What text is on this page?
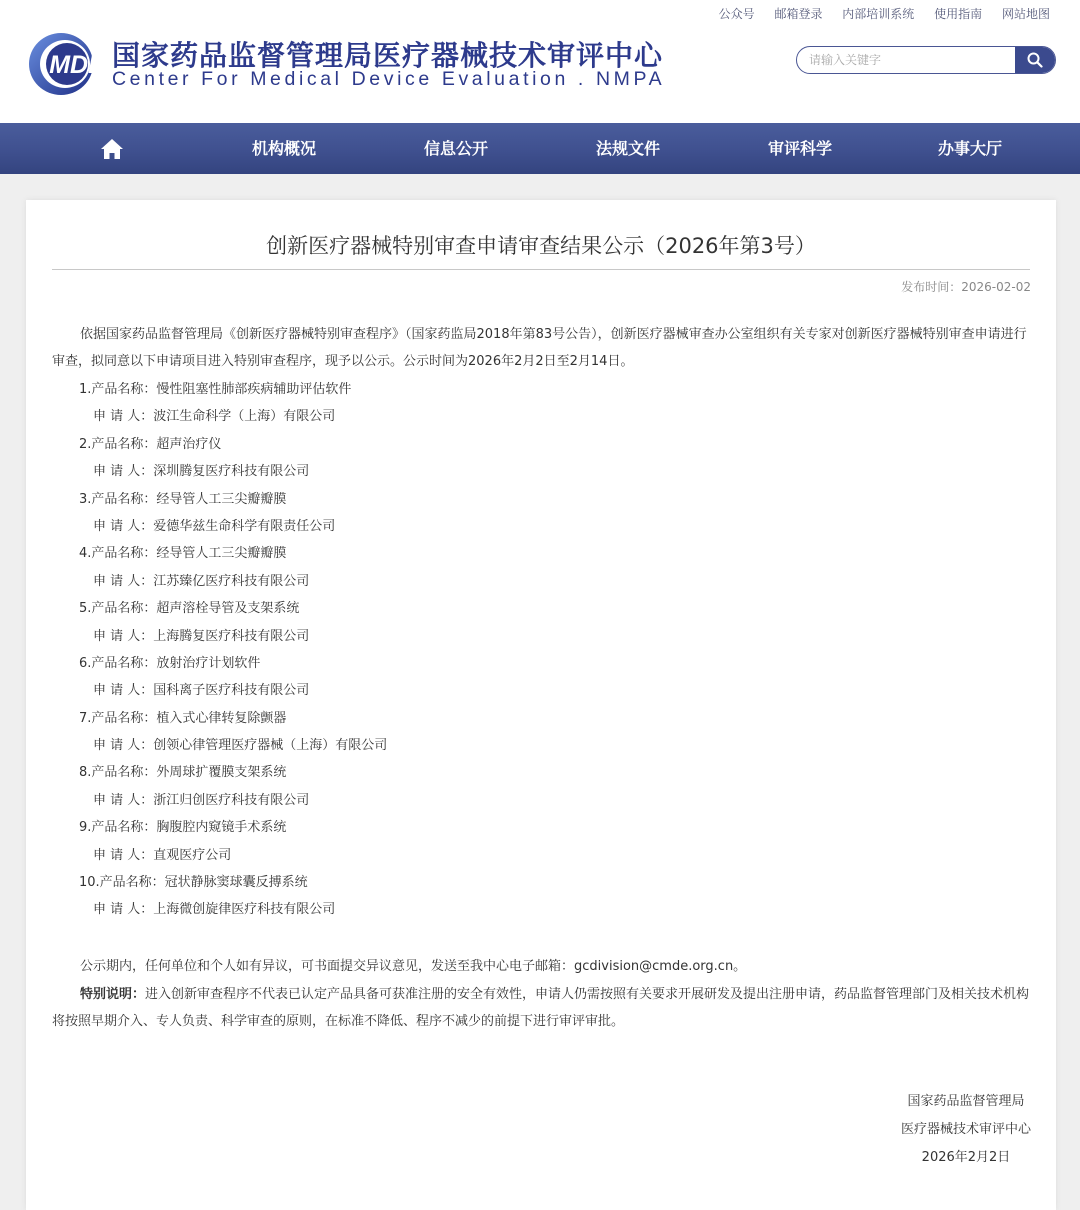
公众号 邮箱登录 内部培训系统 使用指南 网站地图
MDE 国家药品监督管理局医疗器械技术审评中心
Center For Medical Device Evaluation . NMPA
请输入关键字
机构概况	信息公开	法规文件	审评科学	办事大厅
创新医疗器械特别审查申请审查结果公示（2026年第3号）
发布时间：2026-02-02
依据国家药品监督管理局《创新医疗器械特别审查程序》（国家药监局2018年第83号公告），创新医疗器械审查办公室组织有关专家对创新医疗器械特别审查申请进行审查，拟同意以下申请项目进入特别审查程序，现予以公示。公示时间为2026年2月2日至2月14日。
1.产品名称：慢性阻塞性肺部疾病辅助评估软件
申 请 人：波江生命科学（上海）有限公司
2.产品名称：超声治疗仪
申 请 人：深圳腾复医疗科技有限公司
3.产品名称：经导管人工三尖瓣瓣膜
申 请 人：爱德华兹生命科学有限责任公司
4.产品名称：经导管人工三尖瓣瓣膜
申 请 人：江苏臻亿医疗科技有限公司
5.产品名称：超声溶栓导管及支架系统
申 请 人：上海腾复医疗科技有限公司
6.产品名称：放射治疗计划软件
申 请 人：国科离子医疗科技有限公司
7.产品名称：植入式心律转复除颤器
申 请 人：创领心律管理医疗器械（上海）有限公司
8.产品名称：外周球扩覆膜支架系统
申 请 人：浙江归创医疗科技有限公司
9.产品名称：胸腹腔内窥镜手术系统
申 请 人：直观医疗公司
10.产品名称：冠状静脉窦球囊反搏系统
申 请 人：上海微创旋律医疗科技有限公司

公示期内，任何单位和个人如有异议，可书面提交异议意见，发送至我中心电子邮箱：gcdivision@cmde.org.cn。

特别说明：进入创新审查程序不代表已认定产品具备可获准注册的安全有效性，申请人仍需按照有关要求开展研发及提出注册申请，药品监督管理部门及相关技术机构将按照早期介入、专人负责、科学审查的原则，在标准不降低、程序不减少的前提下进行审评审批。

国家药品监督管理局
医疗器械技术审评中心
2026年2月2日
